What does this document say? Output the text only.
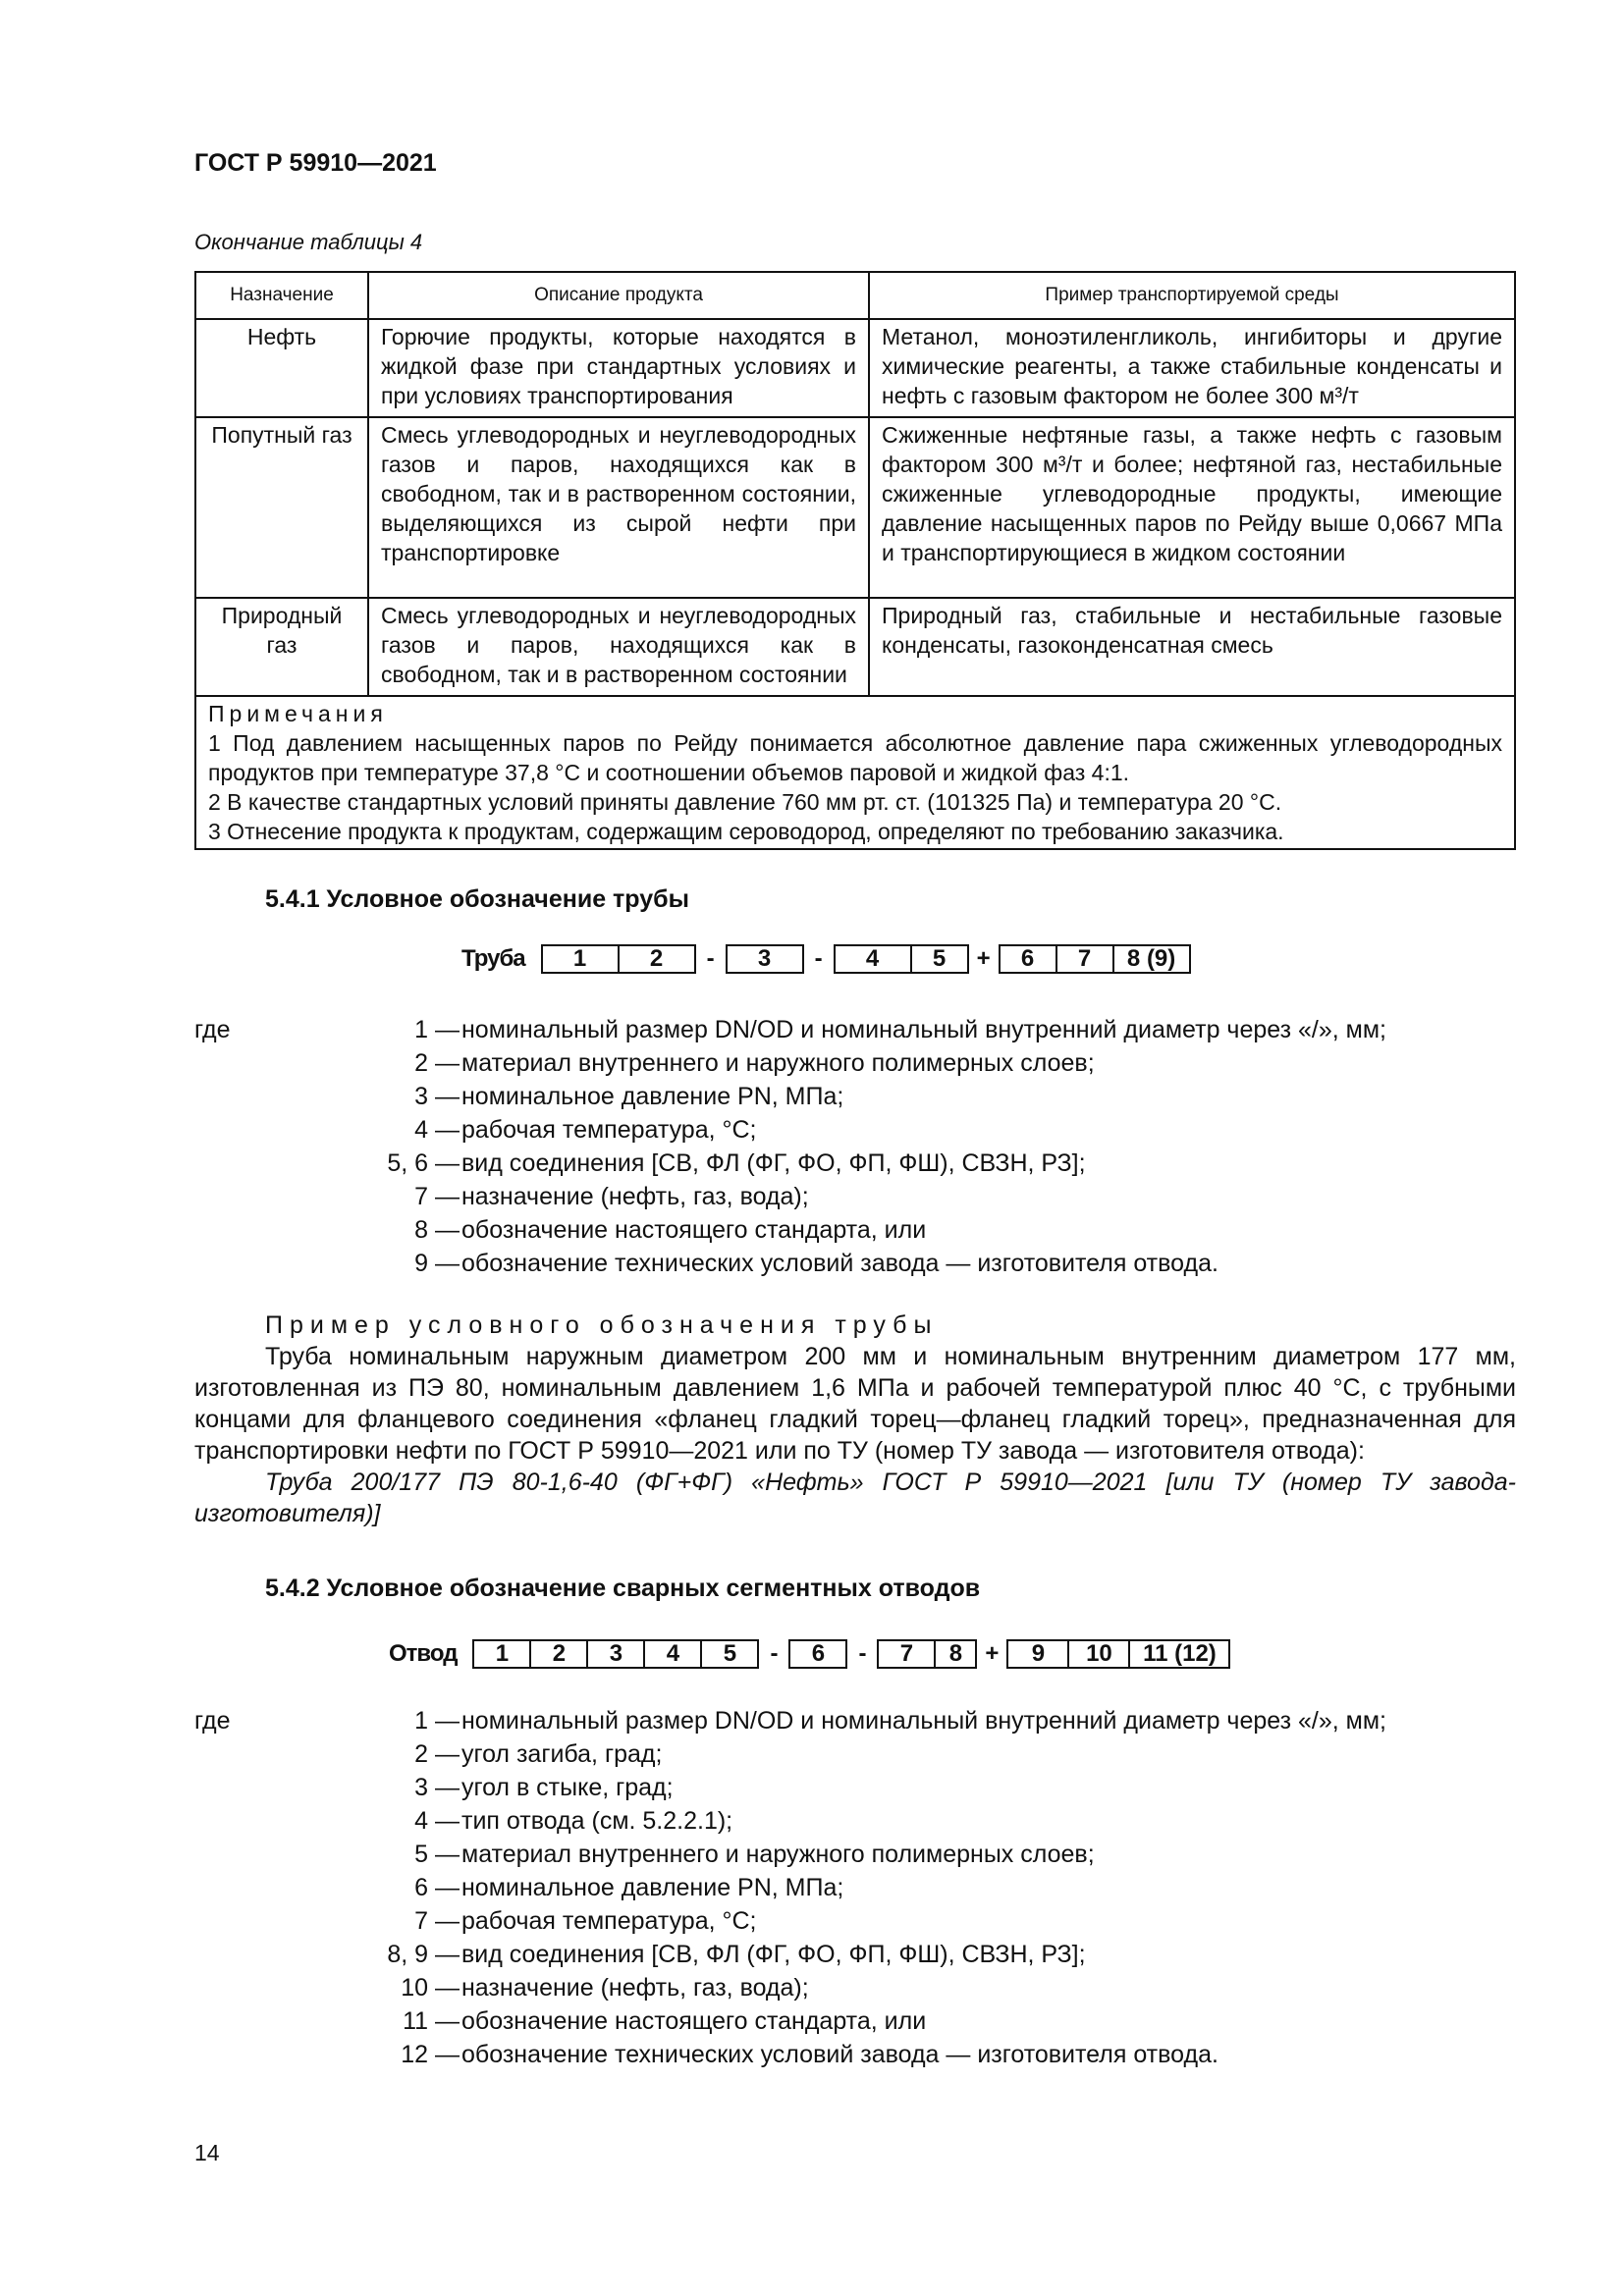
ГОСТ Р 59910—2021
Окончание таблицы 4
Назначение	Описание продукта	Пример транспортируемой среды
Нефть	Горючие продукты, которые находятся в жидкой фазе при стандартных условиях и при условиях транспортирования	Метанол, моноэтиленгликоль, ингибиторы и другие химические реагенты, а также стабильные конденсаты и нефть с газовым фактором не более 300 м³/т
Попутный газ	Смесь углеводородных и неуглеводородных газов и паров, находящихся как в свободном, так и в растворенном состоянии, выделяющихся из сырой нефти при транспортировке	Сжиженные нефтяные газы, а также нефть с газовым фактором 300 м³/т и более; нефтяной газ, нестабильные сжиженные углеводородные продукты, имеющие давление насыщенных паров по Рейду выше 0,0667 МПа и транспортирующиеся в жидком состоянии
Природный газ	Смесь углеводородных и неуглеводородных газов и паров, находящихся как в свободном, так и в растворенном состоянии	Природный газ, стабильные и нестабильные газовые конденсаты, газоконденсатная смесь

Примечания
1 Под давлением насыщенных паров по Рейду понимается абсолютное давление пара сжиженных углеводородных продуктов при температуре 37,8 °С и соотношении объемов паровой и жидкой фаз 4:1.
2 В качестве стандартных условий приняты давление 760 мм рт. ст. (101325 Па) и температура 20 °С.
3 Отнесение продукта к продуктам, содержащим сероводород, определяют по требованию заказчика.		
5.4.1 Условное обозначение трубы
Труба	1	2	-	3	-	4	5	+	6	7	8 (9)
где	1 — номинальный размер DN/OD и номинальный внутренний диаметр через «/», мм;
2 — материал внутреннего и наружного полимерных слоев;
3 — номинальное давление PN, МПа;
4 — рабочая температура, °С;
5, 6 — вид соединения [СВ, ФЛ (ФГ, ФО, ФП, ФШ), СВЗН, РЗ];
7 — назначение (нефть, газ, вода);
8 — обозначение настоящего стандарта, или
9 — обозначение технических условий завода — изготовителя отвода.

Пример условного обозначения трубы

Труба номинальным наружным диаметром 200 мм и номинальным внутренним диаметром 177 мм, изготовленная из ПЭ 80, номинальным давлением 1,6 МПа и рабочей температурой плюс 40 °С, с трубными концами для фланцевого соединения «фланец гладкий торец—фланец гладкий торец», предназначенная для транспортировки нефти по ГОСТ Р 59910—2021 или по ТУ (номер ТУ завода — изготовителя отвода):

Труба 200/177 ПЭ 80-1,6-40 (ФГ+ФГ) «Нефть» ГОСТ Р 59910—2021 [или ТУ (номер ТУ завода-изготовителя)]

5.4.2 Условное обозначение сварных сегментных отводов
Отвод	1	2	3	4	5	-	6	-	7	8 +	9	10	11 (12)
где	1 — номинальный размер DN/OD и номинальный внутренний диаметр через «/», мм;
2 — угол загиба, град;
3 — угол в стыке, град;
4 — тип отвода (см. 5.2.2.1);
5 — материал внутреннего и наружного полимерных слоев;
6 — номинальное давление PN, МПа;
7 — рабочая температура, °С;
8, 9 — вид соединения [СВ, ФЛ (ФГ, ФО, ФП, ФШ), СВЗН, РЗ];
10 — назначение (нефть, газ, вода);
11 — обозначение настоящего стандарта, или
12 — обозначение технических условий завода — изготовителя отвода.
14
